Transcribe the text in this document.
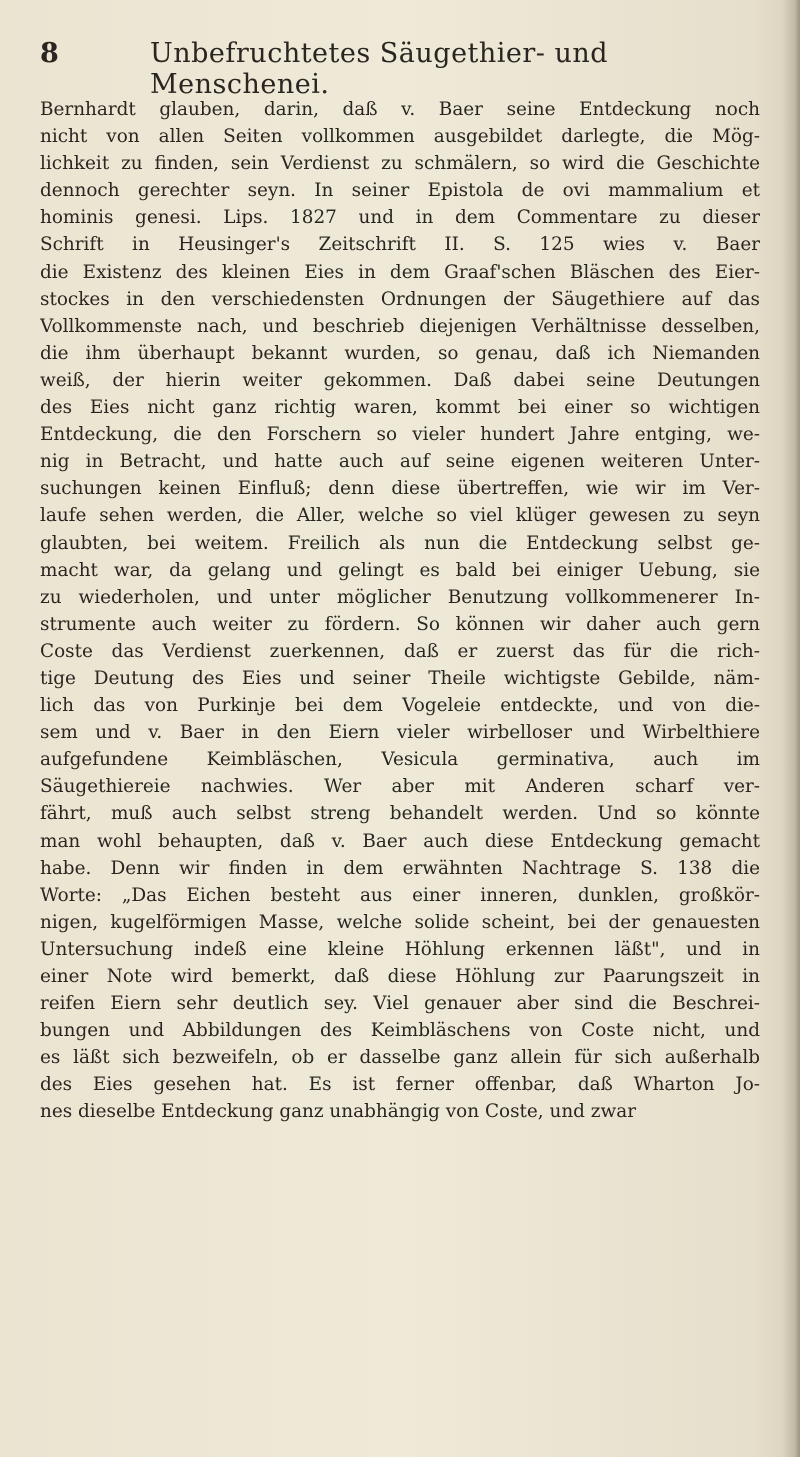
8	Unbefruchtetes Säugethier- und Menschenei.
Bernhardt glauben, darin, daß v. Baer seine Entdeckung noch
nicht von allen Seiten vollkommen ausgebildet darlegte, die Mög-
lichkeit zu finden, sein Verdienst zu schmälern, so wird die Geschichte
dennoch gerechter seyn. In seiner Epistola de ovi mammalium et
hominis genesi. Lips. 1827 und in dem Commentare zu dieser
Schrift in Heusinger's Zeitschrift II. S. 125 wies v. Baer
die Existenz des kleinen Eies in dem Graaf'schen Bläschen des Eier-
stockes in den verschiedensten Ordnungen der Säugethiere auf das
Vollkommenste nach, und beschrieb diejenigen Verhältnisse desselben,
die ihm überhaupt bekannt wurden, so genau, daß ich Niemanden
weiß, der hierin weiter gekommen. Daß dabei seine Deutungen
des Eies nicht ganz richtig waren, kommt bei einer so wichtigen
Entdeckung, die den Forschern so vieler hundert Jahre entging, we-
nig in Betracht, und hatte auch auf seine eigenen weiteren Unter-
suchungen keinen Einfluß; denn diese übertreffen, wie wir im Ver-
laufe sehen werden, die Aller, welche so viel klüger gewesen zu seyn
glaubten, bei weitem. Freilich als nun die Entdeckung selbst ge-
macht war, da gelang und gelingt es bald bei einiger Uebung, sie
zu wiederholen, und unter möglicher Benutzung vollkommenerer In-
strumente auch weiter zu fördern. So können wir daher auch gern
Coste das Verdienst zuerkennen, daß er zuerst das für die rich-
tige Deutung des Eies und seiner Theile wichtigste Gebilde, näm-
lich das von Purkinje bei dem Vogeleie entdeckte, und von die-
sem und v. Baer in den Eiern vieler wirbelloser und Wirbelthiere
aufgefundene Keimbläschen, Vesicula germinativa, auch im
Säugethiereie nachwies. Wer aber mit Anderen scharf ver-
fährt, muß auch selbst streng behandelt werden. Und so könnte
man wohl behaupten, daß v. Baer auch diese Entdeckung gemacht
habe. Denn wir finden in dem erwähnten Nachtrage S. 138 die
Worte: „Das Eichen besteht aus einer inneren, dunklen, großkör-
nigen, kugelförmigen Masse, welche solide scheint, bei der genauesten
Untersuchung indeß eine kleine Höhlung erkennen läßt", und in
einer Note wird bemerkt, daß diese Höhlung zur Paarungszeit in
reifen Eiern sehr deutlich sey. Viel genauer aber sind die Beschrei-
bungen und Abbildungen des Keimbläschens von Coste nicht, und
es läßt sich bezweifeln, ob er dasselbe ganz allein für sich außerhalb
des Eies gesehen hat. Es ist ferner offenbar, daß Wharton Jo-
nes dieselbe Entdeckung ganz unabhängig von Coste, und zwar
